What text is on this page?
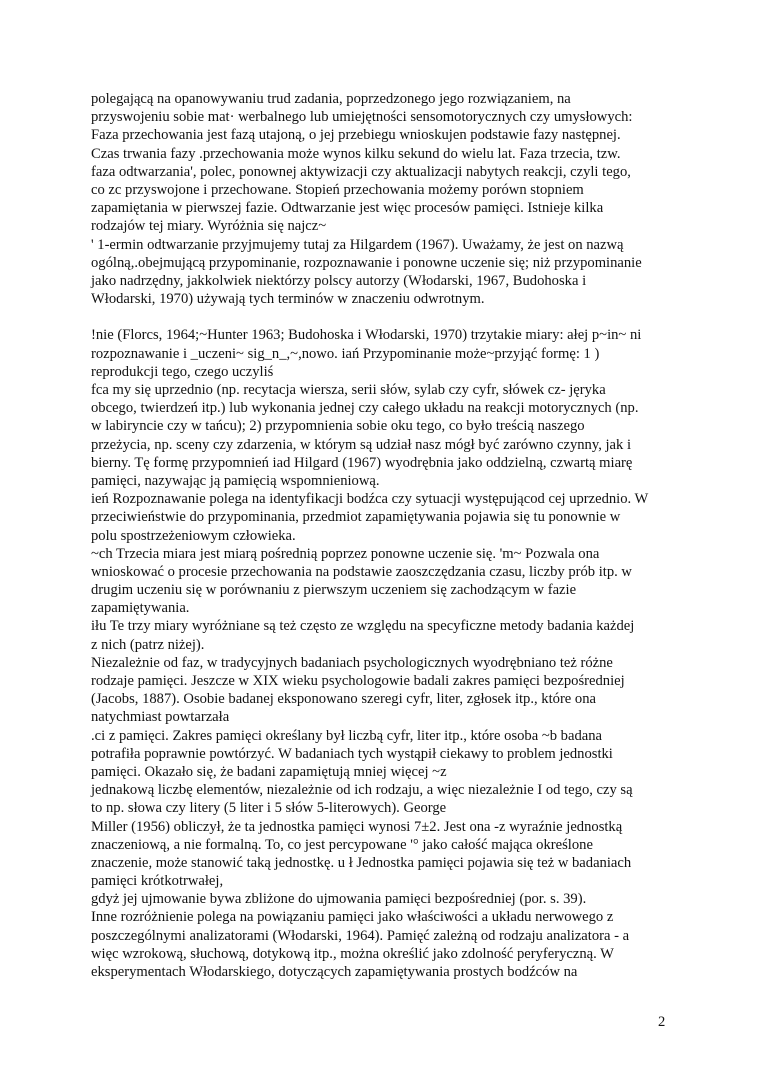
polegającą na opanowywaniu trud zadania, poprzedzonego jego rozwiązaniem, na
przyswojeniu sobie mat· werbalnego lub umiejętności sensomotorycznych czy umysłowych:
Faza przechowania jest fazą utajoną, o jej przebiegu wnioskujen podstawie fazy następnej.
Czas trwania fazy .przechowania może wynos kilku sekund do wielu lat. Faza trzecia, tzw.
faza odtwarzania', polec, ponownej aktywizacji czy aktualizacji nabytych reakcji, czyli tego,
co zc przyswojone i przechowane. Stopień przechowania możemy porówn stopniem
zapamiętania w pierwszej fazie. Odtwarzanie jest więc procesów pamięci. Istnieje kilka
rodzajów tej miary. Wyróżnia się najcz~
' 1-ermin odtwarzanie przyjmujemy tutaj za Hilgardem (1967). Uważamy, że jest on nazwą
ogólną,.obejmującą przypominanie, rozpoznawanie i ponowne uczenie się; niż przypominanie
jako nadrzędny, jakkolwiek niektórzy polscy autorzy (Włodarski, 1967, Budohoska i
Włodarski, 1970) używają tych terminów w znaczeniu odwrotnym.
!nie (Florcs, 1964;~Hunter 1963; Budohoska i Włodarski, 1970) trzytakie miary: ałej p~in~ ni
rozpoznawanie i _uczeni~ sig_n_,~,nowo. iań Przypominanie może~przyjąć formę: 1 )
reprodukcji tego, czego uczyliś
fca my się uprzednio (np. recytacja wiersza, serii słów, sylab czy cyfr, słówek cz- jęryka
obcego, twierdzeń itp.) lub wykonania jednej czy całego układu na reakcji motorycznych (np.
w labiryncie czy w tańcu); 2) przypomnienia sobie oku tego, co było treścią naszego
przeżycia, np. sceny czy zdarzenia, w którym są udział nasz mógł być zarówno czynny, jak i
bierny. Tę formę przypomnień iad Hilgard (1967) wyodrębnia jako oddzielną, czwartą miarę
pamięci, nazywając ją pamięcią wspomnieniową.
ień Rozpoznawanie polega na identyfikacji bodźca czy sytuacji występującod cej uprzednio. W
przeciwieństwie do przypominania, przedmiot zapamiętywania pojawia się tu ponownie w
polu spostrzeżeniowym człowieka.
~ch Trzecia miara jest miarą pośrednią poprzez ponowne uczenie się. 'm~ Pozwala ona
wnioskować o procesie przechowania na podstawie zaoszczędzania czasu, liczby prób itp. w
drugim uczeniu się w porównaniu z pierwszym uczeniem się zachodzącym w fazie
zapamiętywania.
iłu Te trzy miary wyróżniane są też często ze względu na specyficzne metody badania każdej
z nich (patrz niżej).
Niezależnie od faz, w tradycyjnych badaniach psychologicznych wyodrębniano też różne
rodzaje pamięci. Jeszcze w XIX wieku psychologowie badali zakres pamięci bezpośredniej
(Jacobs, 1887). Osobie badanej eksponowano szeregi cyfr, liter, zgłosek itp., które ona
natychmiast powtarzała
.ci z pamięci. Zakres pamięci określany był liczbą cyfr, liter itp., które osoba ~b badana
potrafiła poprawnie powtórzyć. W badaniach tych wystąpił ciekawy to problem jednostki
pamięci. Okazało się, że badani zapamiętują mniej więcej ~z
jednakową liczbę elementów, niezależnie od ich rodzaju, a więc niezależnie I od tego, czy są
to np. słowa czy litery (5 liter i 5 słów 5-literowych). George
Miller (1956) obliczył, że ta jednostka pamięci wynosi 7±2. Jest ona -z wyraźnie jednostką
znaczeniową, a nie formalną. To, co jest percypowane '° jako całość mająca określone
znaczenie, może stanowić taką jednostkę. u ł Jednostka pamięci pojawia się też w badaniach
pamięci krótkotrwałej,
gdyż jej ujmowanie bywa zbliżone do ujmowania pamięci bezpośredniej (por. s. 39).
Inne rozróżnienie polega na powiązaniu pamięci jako właściwości a układu nerwowego z
poszczególnymi analizatorami (Włodarski, 1964). Pamięć zależną od rodzaju analizatora - a
więc wzrokową, słuchową, dotykową itp., można określić jako zdolność peryferyczną. W
eksperymentach Włodarskiego, dotyczących zapamiętywania prostych bodźców na
2
